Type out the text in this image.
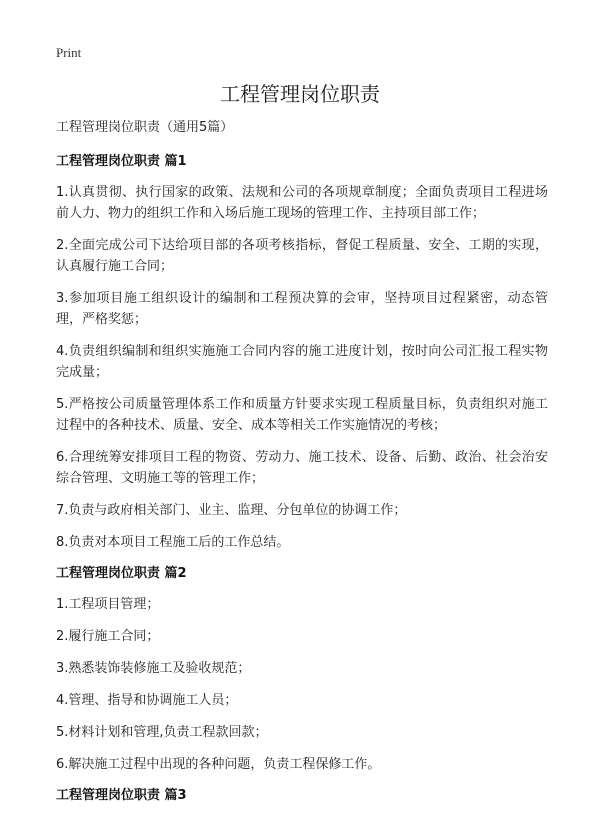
Print
工程管理岗位职责

工程管理岗位职责（通用5篇）

工程管理岗位职责 篇1

1.认真贯彻、执行国家的政策、法规和公司的各项规章制度；全面负责项目工程进场前人力、物力的组织工作和入场后施工现场的管理工作、主持项目部工作；

2.全面完成公司下达给项目部的各项考核指标，督促工程质量、安全、工期的实现，认真履行施工合同；

3.参加项目施工组织设计的编制和工程预决算的会审，坚持项目过程紧密，动态管理，严格奖惩；

4.负责组织编制和组织实施施工合同内容的施工进度计划，按时向公司汇报工程实物完成量；

5.严格按公司质量管理体系工作和质量方针要求实现工程质量目标，负责组织对施工过程中的各种技术、质量、安全、成本等相关工作实施情况的考核；

6.合理统筹安排项目工程的物资、劳动力、施工技术、设备、后勤、政治、社会治安综合管理、文明施工等的管理工作；

7.负责与政府相关部门、业主、监理、分包单位的协调工作；

8.负责对本项目工程施工后的工作总结。

工程管理岗位职责 篇2

1.工程项目管理；

2.履行施工合同；

3.熟悉装饰装修施工及验收规范；

4.管理、指导和协调施工人员；

5.材料计划和管理,负责工程款回款；

6.解决施工过程中出现的各种问题，负责工程保修工作。

工程管理岗位职责 篇3
